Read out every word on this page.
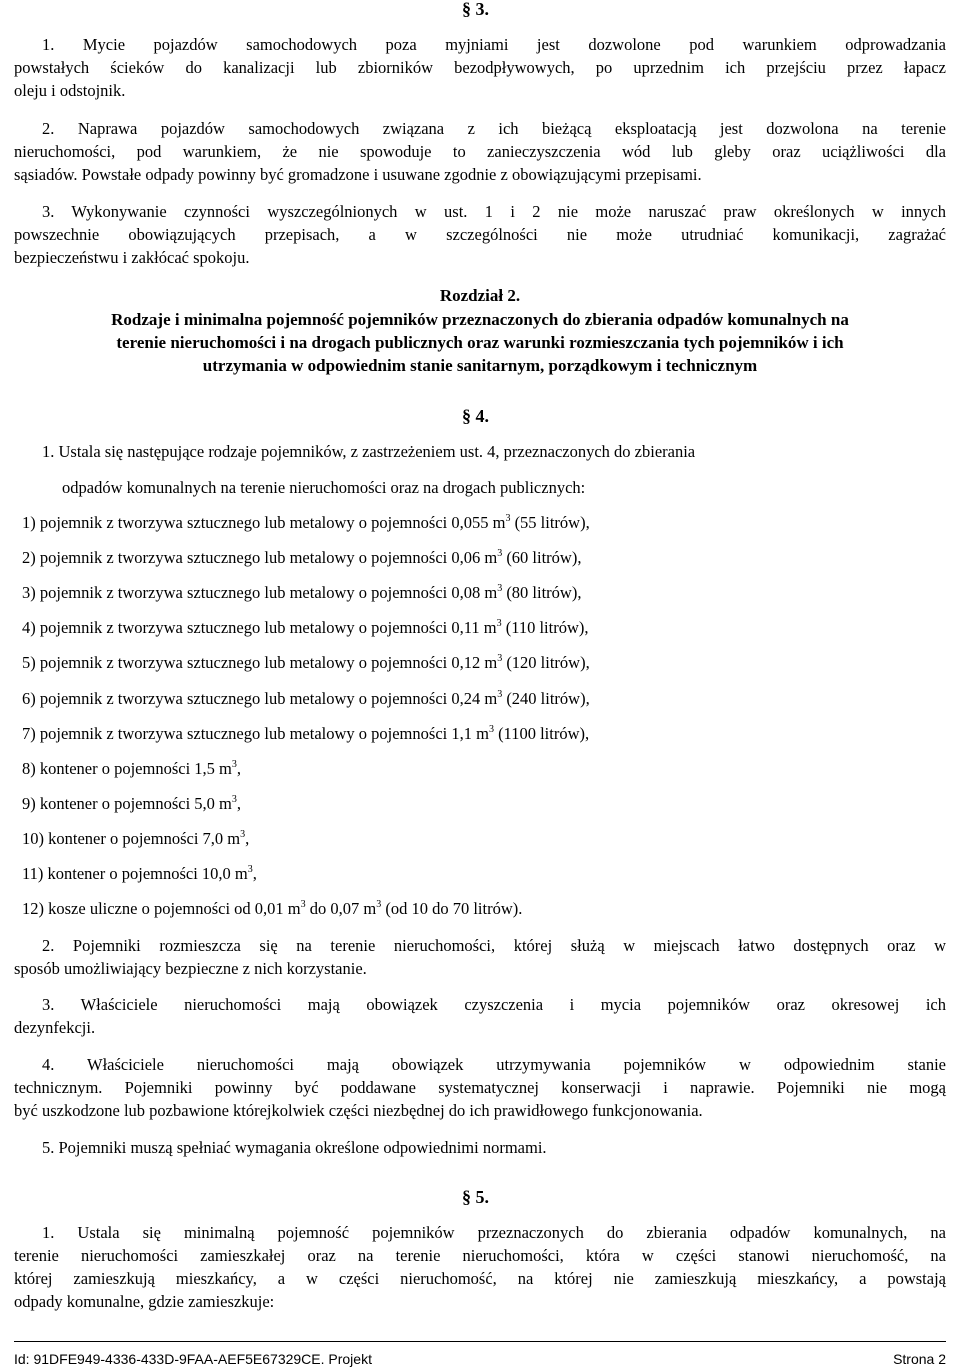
§ 3.
1. Mycie pojazdów samochodowych poza myjniami jest dozwolone pod warunkiem odprowadzania
powstałych ścieków do kanalizacji lub zbiorników bezodpływowych, po uprzednim ich przejściu przez łapacz
oleju i odstojnik.
2. Naprawa pojazdów samochodowych związana z ich bieżącą eksploatacją jest dozwolona na terenie
nieruchomości, pod warunkiem, że nie spowoduje to zanieczyszczenia wód lub gleby oraz uciążliwości dla
sąsiadów. Powstałe odpady powinny być gromadzone i usuwane zgodnie z obowiązującymi przepisami.
3. Wykonywanie czynności wyszczególnionych w ust. 1 i 2 nie może naruszać praw określonych w innych
powszechnie obowiązujących przepisach, a w szczególności nie może utrudniać komunikacji, zagrażać
bezpieczeństwu i zakłócać spokoju.
Rozdział 2.
Rodzaje i minimalna pojemność pojemników przeznaczonych do zbierania odpadów komunalnych na
terenie nieruchomości i na drogach publicznych oraz warunki rozmieszczania tych pojemników i ich
utrzymania w odpowiednim stanie sanitarnym, porządkowym i technicznym
§ 4.
1. Ustala się następujące rodzaje pojemników, z zastrzeżeniem ust. 4, przeznaczonych do zbierania
odpadów komunalnych na terenie nieruchomości oraz na drogach publicznych:
1) pojemnik z tworzywa sztucznego lub metalowy o pojemności 0,055 $m^3$ (55 litrów),
2) pojemnik z tworzywa sztucznego lub metalowy o pojemności 0,06 $m^3$ (60 litrów),
3) pojemnik z tworzywa sztucznego lub metalowy o pojemności 0,08 $m^3$ (80 litrów),
4) pojemnik z tworzywa sztucznego lub metalowy o pojemności 0,11 $m^3$ (110 litrów),
5) pojemnik z tworzywa sztucznego lub metalowy o pojemności 0,12 $m^3$ (120 litrów),
6) pojemnik z tworzywa sztucznego lub metalowy o pojemności 0,24 $m^3$ (240 litrów),
7) pojemnik z tworzywa sztucznego lub metalowy o pojemności 1,1 $m^3$ (1100 litrów),
8) kontener o pojemności 1,5 $m^3$,
9) kontener o pojemności 5,0 $m^3$,
10) kontener o pojemności 7,0 $m^3$,
11) kontener o pojemności 10,0 $m^3$,
12) kosze uliczne o pojemności od 0,01 $m^3$ do 0,07 $m^3$ (od 10 do 70 litrów).
2. Pojemniki rozmieszcza się na terenie nieruchomości, której służą w miejscach łatwo dostępnych oraz w
sposób umożliwiający bezpieczne z nich korzystanie.
3. Właściciele nieruchomości mają obowiązek czyszczenia i mycia pojemników oraz okresowej ich
dezynfekcji.
4. Właściciele nieruchomości mają obowiązek utrzymywania pojemników w odpowiednim stanie
technicznym. Pojemniki powinny być poddawane systematycznej konserwacji i naprawie. Pojemniki nie mogą
być uszkodzone lub pozbawione którejkolwiek części niezbędnej do ich prawidłowego funkcjonowania.
5. Pojemniki muszą spełniać wymagania określone odpowiednimi normami.
§ 5.
1. Ustala się minimalną pojemność pojemników przeznaczonych do zbierania odpadów komunalnych, na
terenie nieruchomości zamieszkałej oraz na terenie nieruchomości, która w części stanowi nieruchomość, na
której zamieszkują mieszkańcy, a w części nieruchomość, na której nie zamieszkują mieszkańcy, a powstają
odpady komunalne, gdzie zamieszkuje:
Id: 91DFE949-4336-433D-9FAA-AEF5E67329CE. Projekt	Strona 2
